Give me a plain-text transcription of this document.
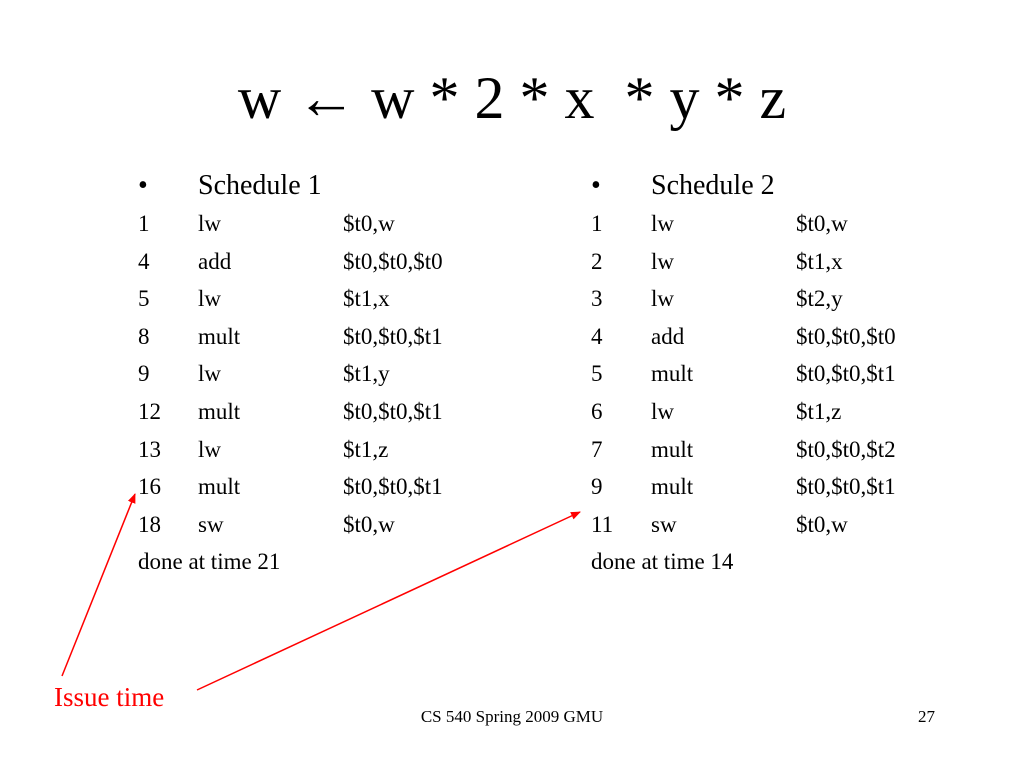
w ← w * 2 * x  * y * z
• Schedule 1
1 lw	$t0,w
4 add	$t0,$t0,$t0
5 lw	$t1,x
8 mult	$t0,$t0,$t1
9 lw	$t1,y
12 mult	$t0,$t0,$t1
13 lw	$t1,z
16 mult	$t0,$t0,$t1
18 sw	$t0,w
done at time 21
• Schedule 2
1 lw	$t0,w
2 lw	$t1,x
3 lw	$t2,y
4 add	$t0,$t0,$t0
5 mult	$t0,$t0,$t1
6 lw	$t1,z
7 mult	$t0,$t0,$t2
9 mult	$t0,$t0,$t1
11 sw	$t0,w
done at time 14
Issue time
CS 540 Spring 2009 GMU	27
